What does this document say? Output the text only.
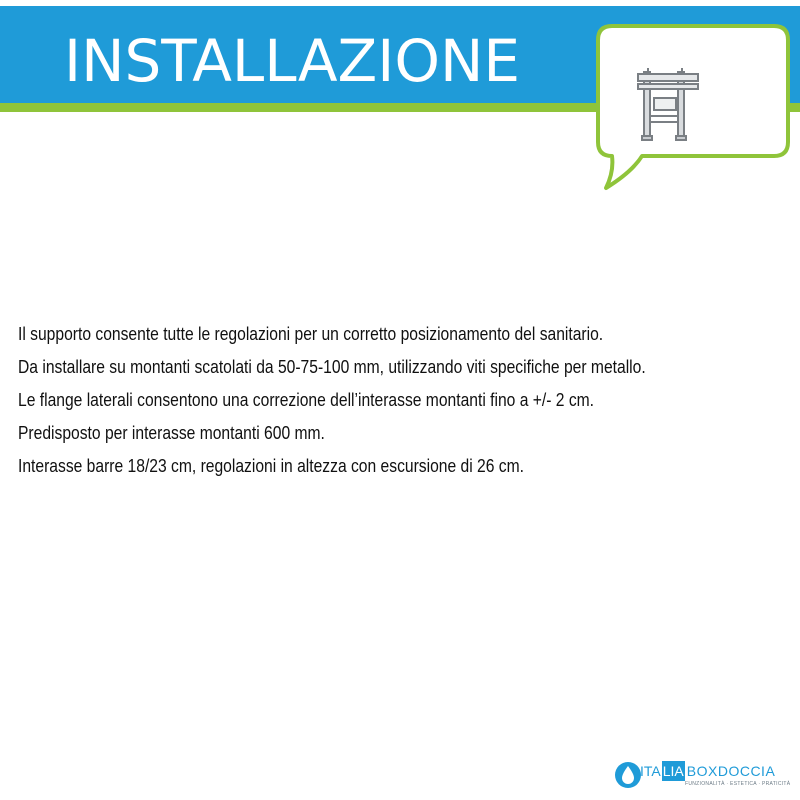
INSTALLAZIONE

Il supporto consente tutte le regolazioni per un corretto posizionamento del sanitario.

Da installare su montanti scatolati da 50-75-100 mm, utilizzando viti specifiche per metallo.

Le flange laterali consentono una correzione dell’interasse montanti fino a +/- 2 cm.

Predisposto per interasse montanti 600 mm.

Interasse barre 18/23 cm, regolazioni in altezza con escursione di 26 cm.

ITA LIA BOXDOCCIA
FUNZIONALITÀ · ESTETICA · PRATICITÀ
